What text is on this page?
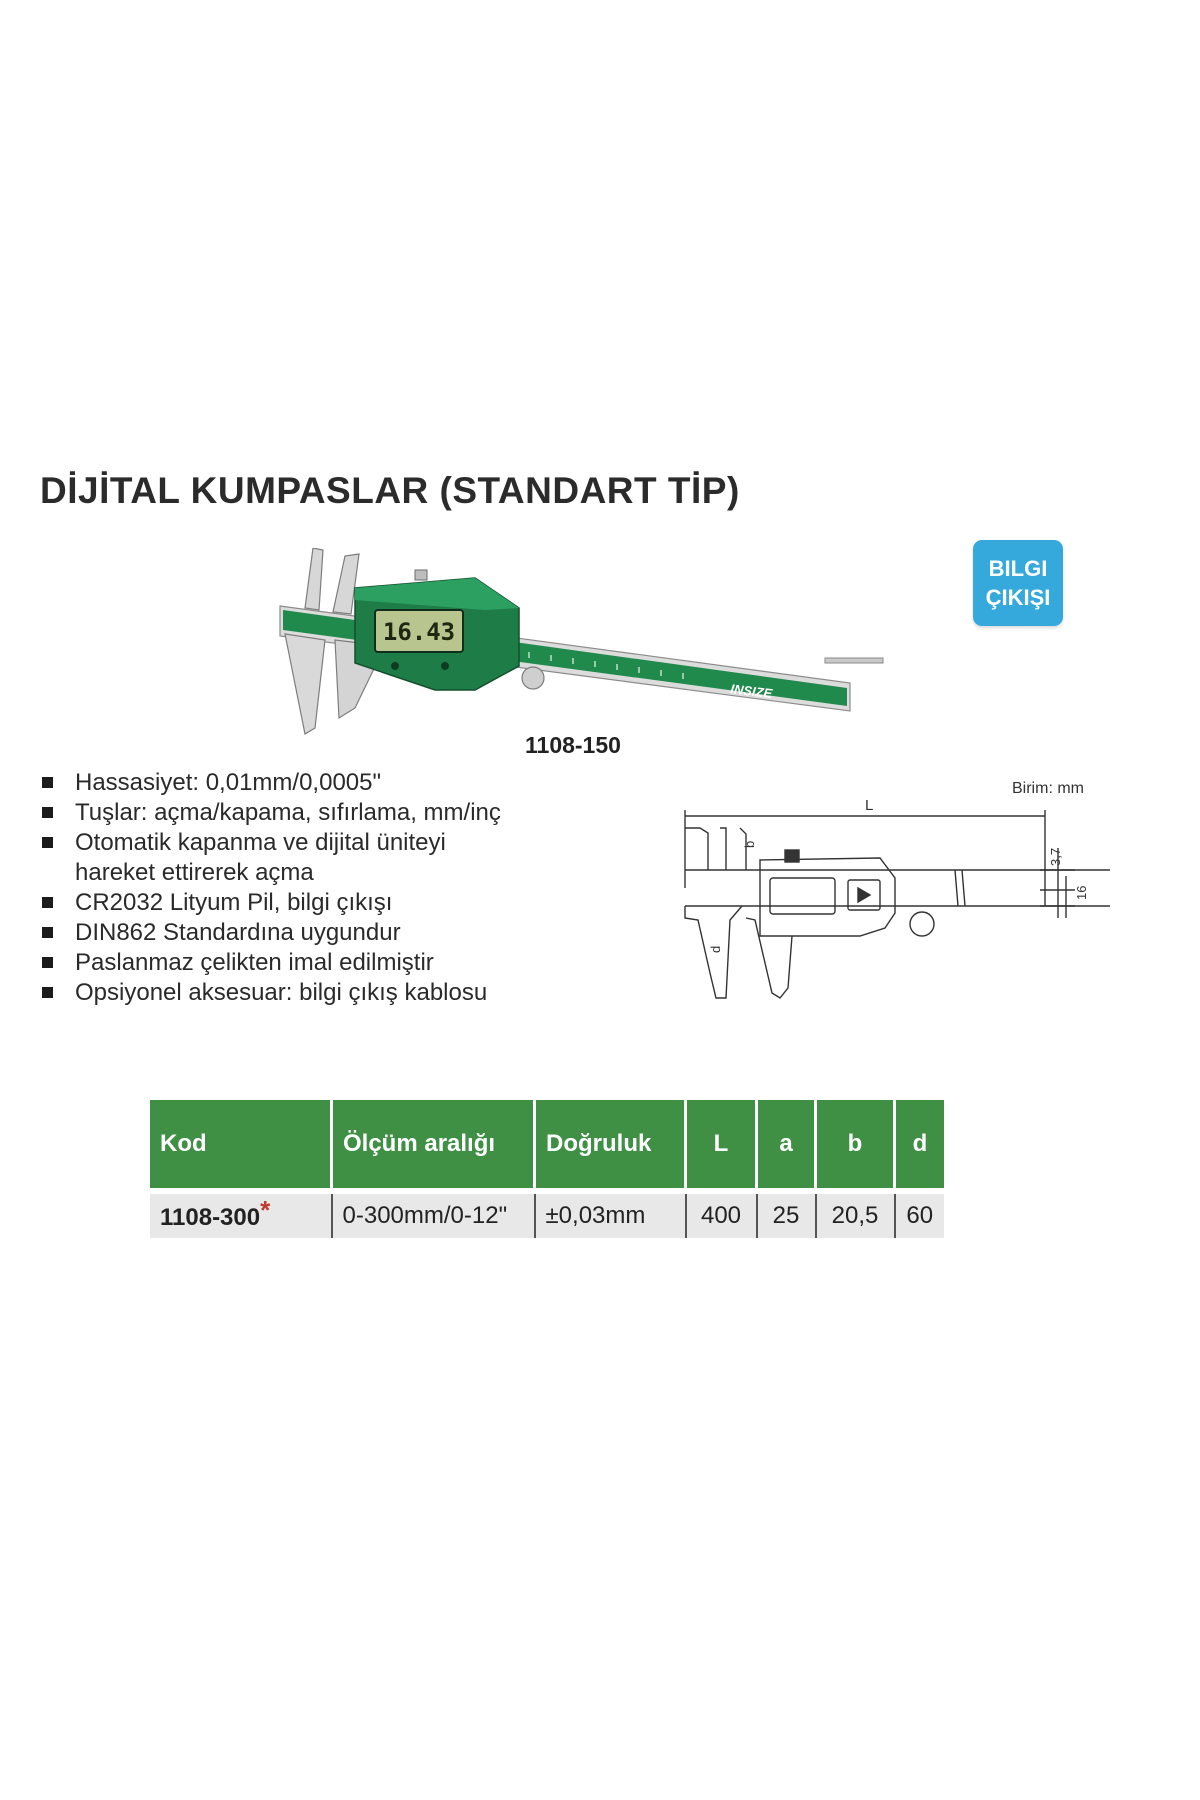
DİJİTAL KUMPASLAR (STANDART TİP)
BILGI
ÇIKIŞI
INSIZE
16.43
1108-150
Hassasiyet: 0,01mm/0,0005"
Tuşlar: açma/kapama, sıfırlama, mm/inç
Otomatik kapanma ve dijital üniteyi
hareket ettirerek açma
CR2032 Lityum Pil, bilgi çıkışı
DIN862 Standardına uygundur
Paslanmaz çelikten imal edilmiştir
Opsiyonel aksesuar: bilgi çıkış kablosu
Birim: mm
L
b
d
3,7
16
Kod	Ölçüm aralığı	Doğruluk	L	a	b	d
1108-300*	0-300mm/0-12"	±0,03mm	400	25	20,5	60
